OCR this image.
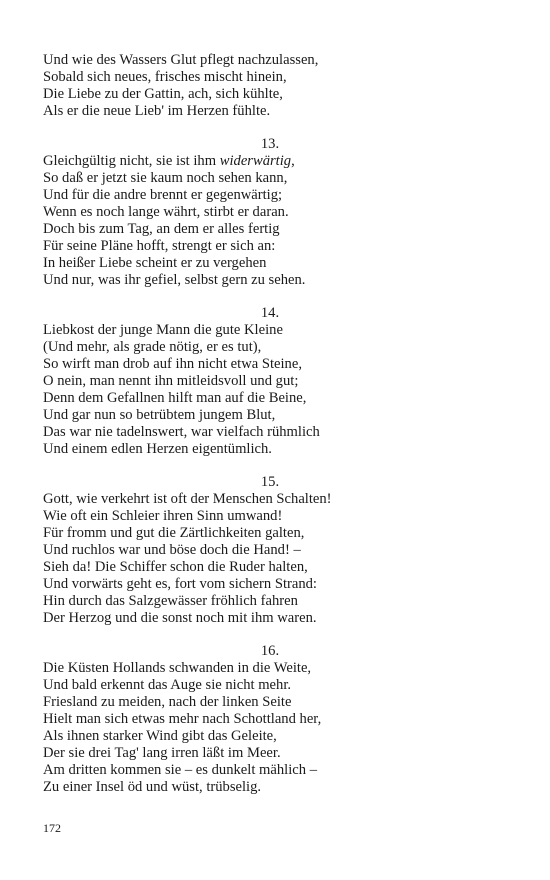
Und wie des Wassers Glut pflegt nachzulassen,
Sobald sich neues, frisches mischt hinein,
Die Liebe zu der Gattin, ach, sich kühlte,
Als er die neue Lieb' im Herzen fühlte.
13.
Gleichgültig nicht, sie ist ihm widerwärtig,
So daß er jetzt sie kaum noch sehen kann,
Und für die andre brennt er gegenwärtig;
Wenn es noch lange währt, stirbt er daran.
Doch bis zum Tag, an dem er alles fertig
Für seine Pläne hofft, strengt er sich an:
In heißer Liebe scheint er zu vergehen
Und nur, was ihr gefiel, selbst gern zu sehen.
14.
Liebkost der junge Mann die gute Kleine
(Und mehr, als grade nötig, er es tut),
So wirft man drob auf ihn nicht etwa Steine,
O nein, man nennt ihn mitleidsvoll und gut;
Denn dem Gefallnen hilft man auf die Beine,
Und gar nun so betrübtem jungem Blut,
Das war nie tadelnswert, war vielfach rühmlich
Und einem edlen Herzen eigentümlich.
15.
Gott, wie verkehrt ist oft der Menschen Schalten!
Wie oft ein Schleier ihren Sinn umwand!
Für fromm und gut die Zärtlichkeiten galten,
Und ruchlos war und böse doch die Hand! –
Sieh da! Die Schiffer schon die Ruder halten,
Und vorwärts geht es, fort vom sichern Strand:
Hin durch das Salzgewässer fröhlich fahren
Der Herzog und die sonst noch mit ihm waren.
16.
Die Küsten Hollands schwanden in die Weite,
Und bald erkennt das Auge sie nicht mehr.
Friesland zu meiden, nach der linken Seite
Hielt man sich etwas mehr nach Schottland her,
Als ihnen starker Wind gibt das Geleite,
Der sie drei Tag' lang irren läßt im Meer.
Am dritten kommen sie – es dunkelt mählich –
Zu einer Insel öd und wüst, trübselig.
172
